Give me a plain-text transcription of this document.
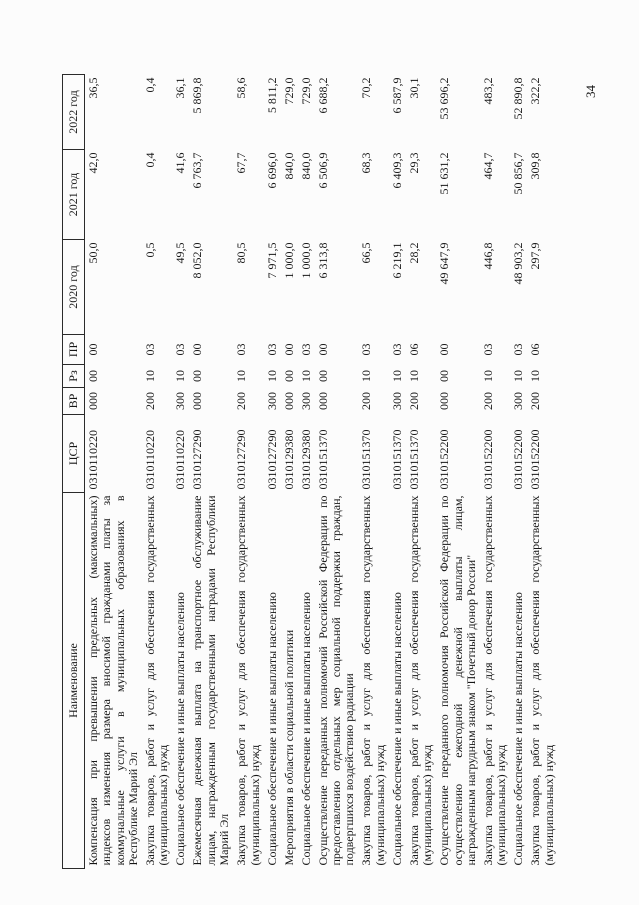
34
Наименование	ЦСР	ВР	Рз	ПР	2020 год	2021 год	2022 год

Компенсация при превышении предельных (максимальных) индексов изменения размера вносимой гражданами платы за коммунальные услуги в муниципальных образованиях в Республике Марий Эл	0310110220	000	00	00	50,0	42,0	36,5

Закупка товаров, работ и услуг для обеспечения государственных (муниципальных) нужд	0310110220	200	10	03	0,5	0,4	0,4

Социальное обеспечение и иные выплаты населению	0310110220	300	10	03	49,5	41,6	36,1

Ежемесячная денежная выплата на транспортное обслуживание лицам, награжденным государственными наградами Республики Марий Эл	0310127290	000	00	00	8 052,0	6 763,7	5 869,8

Закупка товаров, работ и услуг для обеспечения государственных (муниципальных) нужд	0310127290	200	10	03	80,5	67,7	58,6

Социальное обеспечение и иные выплаты населению	0310127290	300	10	03	7 971,5	6 696,0	5 811,2

Мероприятия в области социальной политики	0310129380	000	00	00	1 000,0	840,0	729,0

Социальное обеспечение и иные выплаты населению	0310129380	300	10	03	1 000,0	840,0	729,0

Осуществление переданных полномочий Российской Федерации по предоставлению отдельных мер социальной поддержки граждан, подвергшихся воздействию радиации	0310151370	000	00	00	6 313,8	6 506,9	6 688,2

Закупка товаров, работ и услуг для обеспечения государственных (муниципальных) нужд	0310151370	200	10	03	66,5	68,3	70,2

Социальное обеспечение и иные выплаты населению	0310151370	300	10	03	6 219,1	6 409,3	6 587,9

Закупка товаров, работ и услуг для обеспечения государственных (муниципальных) нужд	0310151370	200	10	06	28,2	29,3	30,1

Осуществление переданного полномочия Российской Федерации по осуществлению ежегодной денежной выплаты лицам, награжденным нагрудным знаком "Почетный донор России"	0310152200	000	00	00	49 647,9	51 631,2	53 696,2

Закупка товаров, работ и услуг для обеспечения государственных (муниципальных) нужд	0310152200	200	10	03	446,8	464,7	483,2

Социальное обеспечение и иные выплаты населению	0310152200	300	10	03	48 903,2	50 856,7	52 890,8

Закупка товаров, работ и услуг для обеспечения государственных (муниципальных) нужд	0310152200	200	10	06	297,9	309,8	322,2
